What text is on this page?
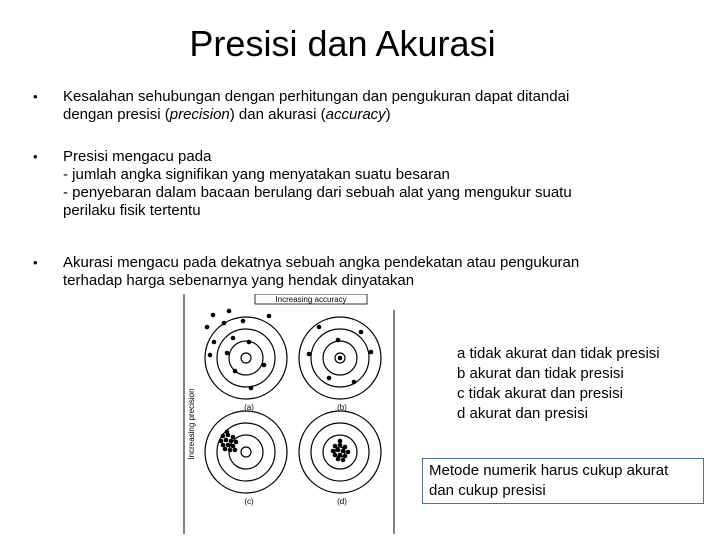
Presisi dan Akurasi
•	Kesalahan sehubungan dengan perhitungan dan pengukuran dapat ditandai
dengan presisi (precision) dan akurasi (accuracy)
•	Presisi mengacu pada
- jumlah angka signifikan yang menyatakan suatu besaran
- penyebaran dalam bacaan berulang dari sebuah alat yang mengukur suatu
perilaku fisik tertentu
•	Akurasi mengacu pada dekatnya sebuah angka pendekatan atau pengukuran
terhadap harga sebenarnya yang hendak dinyatakan
Increasing accuracy
Increasing precision	(a)	(b)
(c)	(d)
a tidak akurat dan tidak presisi
b akurat dan tidak presisi
c tidak akurat dan presisi
d akurat dan presisi
Metode numerik harus cukup akurat
dan cukup presisi
